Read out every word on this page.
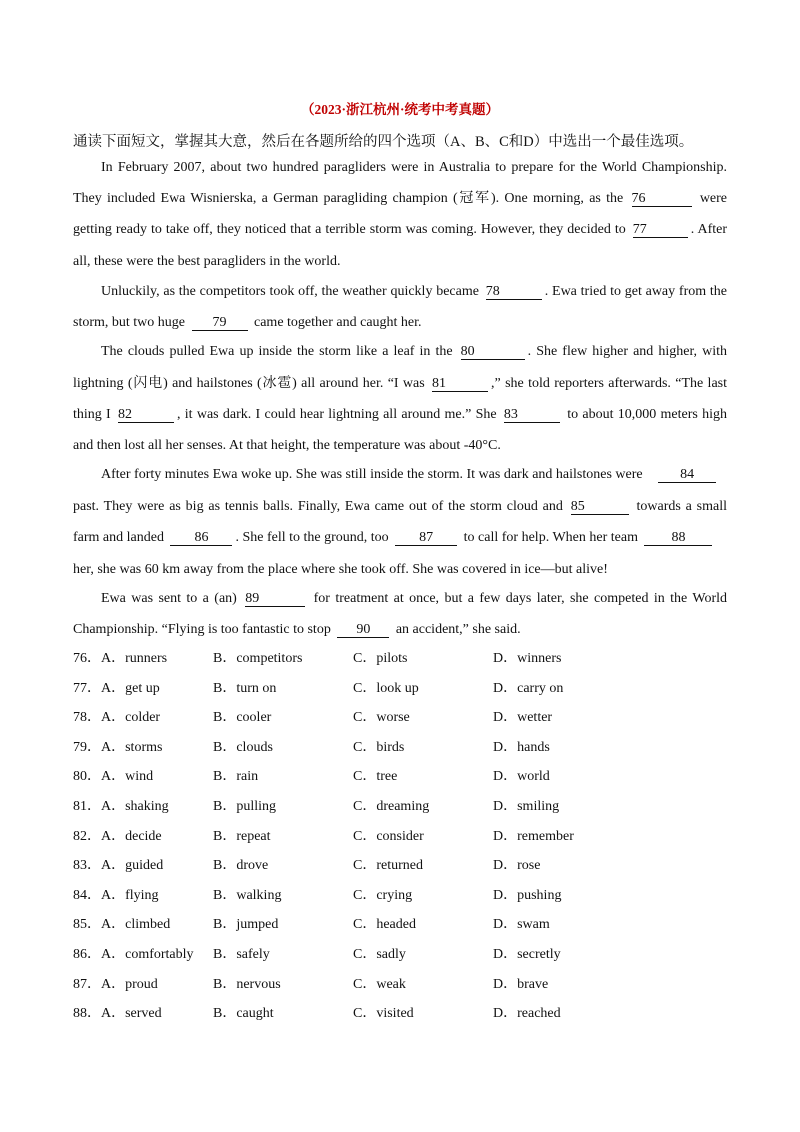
（2023·浙江杭州·统考中考真题）
通读下面短文，掌握其大意，然后在各题所给的四个选项（A、B、C和D）中选出一个最佳选项。
In February 2007, about two hundred paragliders were in Australia to prepare for the World Championship.
They included Ewa Wisnierska, a German paragliding champion (冠军). One morning, as the 76	were
getting ready to take off, they noticed that a terrible storm was coming. However, they decided to 77	. After
all, these were the best paragliders in the world.
Unluckily, as the competitors took off, the weather quickly became 78	. Ewa tried to get away from the
storm, but two huge 79 came together and caught her.
The clouds pulled Ewa up inside the storm like a leaf in the 80	. She flew higher and higher, with
lightning (闪电) and hailstones (冰雹) all around her. “I was 81	,” she told reporters afterwards. “The last
thing I 82	, it was dark. I could hear lightning all around me.” She 83	to about 10,000 meters high
and then lost all her senses. At that height, the temperature was about -40°C.
After forty minutes Ewa woke up. She was still inside the storm. It was dark and hailstones were	84
past. They were as big as tennis balls. Finally, Ewa came out of the storm cloud and 85	towards a small
farm and landed 86 . She fell to the ground, too 87 to call for help. When her team 88
her, she was 60 km away from the place where she took off. She was covered in ice—but alive!
Ewa was sent to a (an) 89	for treatment at once, but a few days later, she competed in the World
Championship. “Flying is too fantastic to stop 90 an accident,” she said.
76． A．runners	B．competitors	C．pilots	D．winners
77． A．get up	B．turn on	C．look up	D．carry on
78． A．colder	B．cooler	C．worse	D．wetter
79． A．storms	B．clouds	C．birds	D．hands
80． A．wind	B．rain	C．tree	D．world
81． A．shaking	B．pulling	C．dreaming	D．smiling
82． A．decide	B．repeat	C．consider	D．remember
83． A．guided	B．drove	C．returned	D．rose
84． A．flying	B．walking	C．crying	D．pushing
85． A．climbed	B．jumped	C．headed	D．swam
86． A．comfortably B．safely	C．sadly	D．secretly
87． A．proud	B．nervous	C．weak	D．brave
88． A．served	B．caught	C．visited	D．reached
